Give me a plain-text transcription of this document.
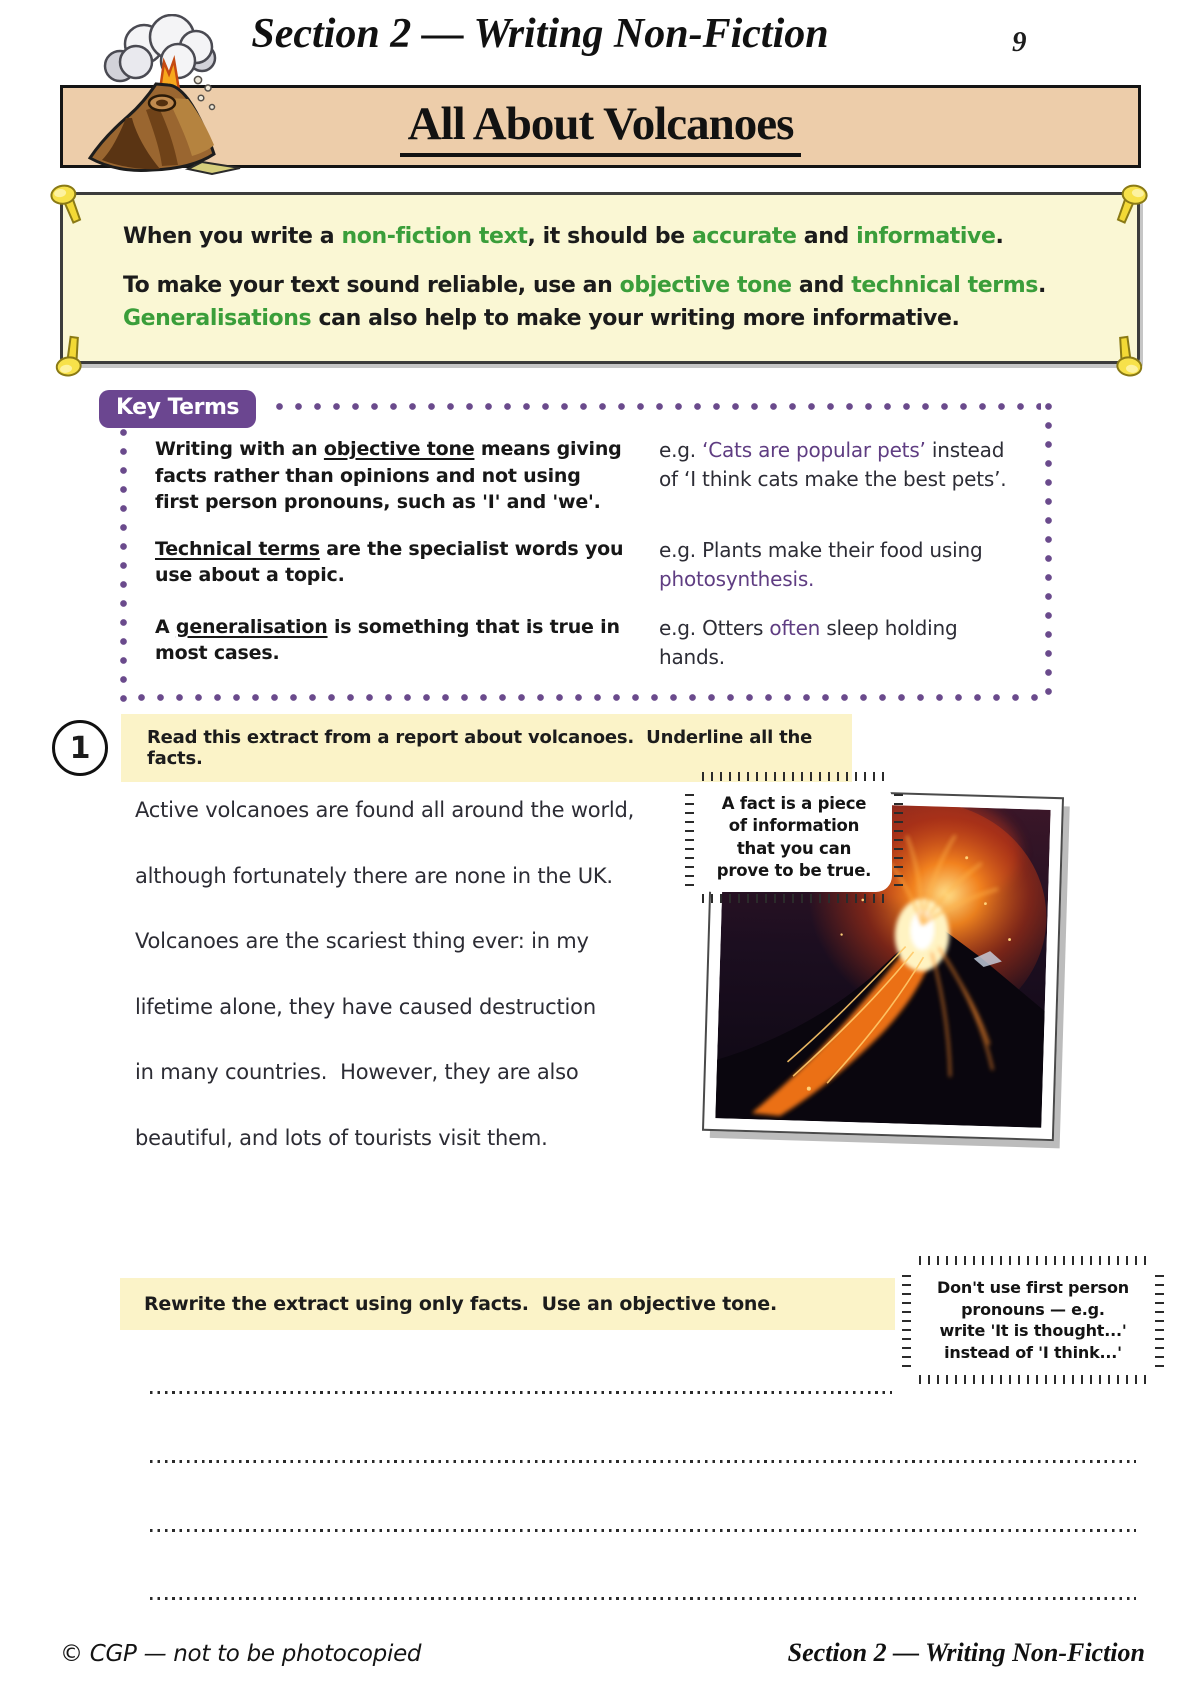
Section 2 — Writing Non-Fiction	9
All About Volcanoes

When you write a non-fiction text, it should be accurate and informative.

To make your text sound reliable, use an objective tone and technical terms.
Generalisations can also help to make your writing more informative.

Key Terms
Writing with an objective tone means giving facts rather than opinions and not using first person pronouns, such as 'I' and 'we'.
e.g. ‘Cats are popular pets’ instead of ‘I think cats make the best pets’.
Technical terms are the specialist words you use about a topic.
e.g. Plants make their food using photosynthesis.
A generalisation is something that is true in most cases.
e.g. Otters often sleep holding hands.
1	Read this extract from a report about volcanoes.  Underline all the facts.
Active volcanoes are found all around the world,
although fortunately there are none in the UK.
Volcanoes are the scariest thing ever: in my
lifetime alone, they have caused destruction
in many countries.  However, they are also
beautiful, and lots of tourists visit them.
A fact is a piece
of information
that you can
prove to be true.
Rewrite the extract using only facts.  Use an objective tone.
Don't use first person
pronouns — e.g.
write 'It is thought...'
instead of 'I think...'
© CGP — not to be photocopied	Section 2 — Writing Non-Fiction
